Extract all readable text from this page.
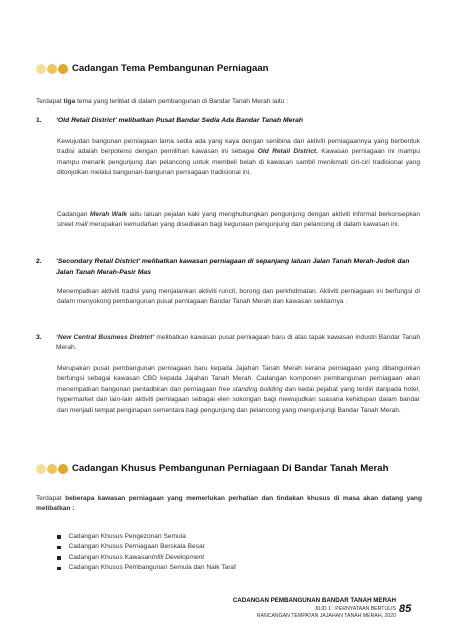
Cadangan Tema Pembangunan Perniagaan
Terdapat tiga tema yang terlibat di dalam pembangunan di Bandar Tanah Merah iaitu :
1. ‘Old Retail District’ melibatkan Pusat Bandar Sedia Ada Bandar Tanah Merah
Kewujudan bangunan perniagaan lama sedia ada yang kaya dengan senibina dan aktiviti perniagaannya yang berbentuk tradisi adalah berpotensi dengan pemilihan kawasan ini sebagai Old Retail District. Kawasan perniagaan ini mampu mampu menarik pengunjung dan pelancong untuk membeli belah di kawasan sambil menikmati ciri-ciri tradisional yang ditonjolkan melalui bangunan-bangunan perniagaan tradisional ini.
Cadangan Merah Walk iaitu laluan pejalan kaki yang menghubungkan pengunjung dengan aktiviti informal berkonsepkan street mall merupakan kemudahan yang disediakan bagi kegunaan pengunjung dan pelancong di dalam kawasan ini.
2. ‘Secondary Retail District’ melibatkan kawasan perniagaan di sepanjang laluan Jalan Tanah Merah-Jedok dan Jalan Tanah Merah-Pasir Mas
Menempatkan aktiviti tradisi yang menjalankan aktiviti runcit, borong dan perkhidmatan. Aktiviti perniagaan ini berfungsi di dalam menyokong pembangunan pusat perniagaan Bandar Tanah Merah dan kawasan sekitarnya .
3. ‘New Central Business District’ melibatkan kawasan pusat perniagaan baru di atas tapak kawasan industri Bandar Tanah Merah.
Merupakan pusat pembangunan perniagaan baru kepada Jajahan Tanah Merah kerana perniagaan yang dibangunkan berfungsi sebagai kawasan CBD kepada Jajahan Tanah Merah. Cadangan komponen pembangunan perniagaan akan menempatkan bangunan pentadbiran dan perniagaan free standing building dan kedai pejabat yang terdiri daripada hotel, hypermarket dan lain-lain aktiviti perniagaan sebagai elen sokongan bagi mewujudkan suasana kehidupan dalam bandar dan menjadi tempat penginapan sementara bagi pengunjung dan pelancong yang mengunjungi Bandar Tanah Merah.
Cadangan Khusus Pembangunan Perniagaan Di Bandar Tanah Merah
Terdapat beberapa kawasan perniagaan yang memerlukan perhatian dan tindakan khusus di masa akan datang yang melibatkan :
Cadangan Khusus Pengezonan Semula
Cadangan Khusus Perniagaan Berskala Besar
Cadangan Khusus Kawasan Infill Development
Cadangan Khusus Pembangunan Semula dan Naik Taraf
CADANGAN PEMBANGUNAN BANDAR TANAH MERAH
JILID 1 : PERNYATAAN BERTULIS
RANCANGAN TEMPATAN JAJAHAN TANAH MERAH, 2020
85
